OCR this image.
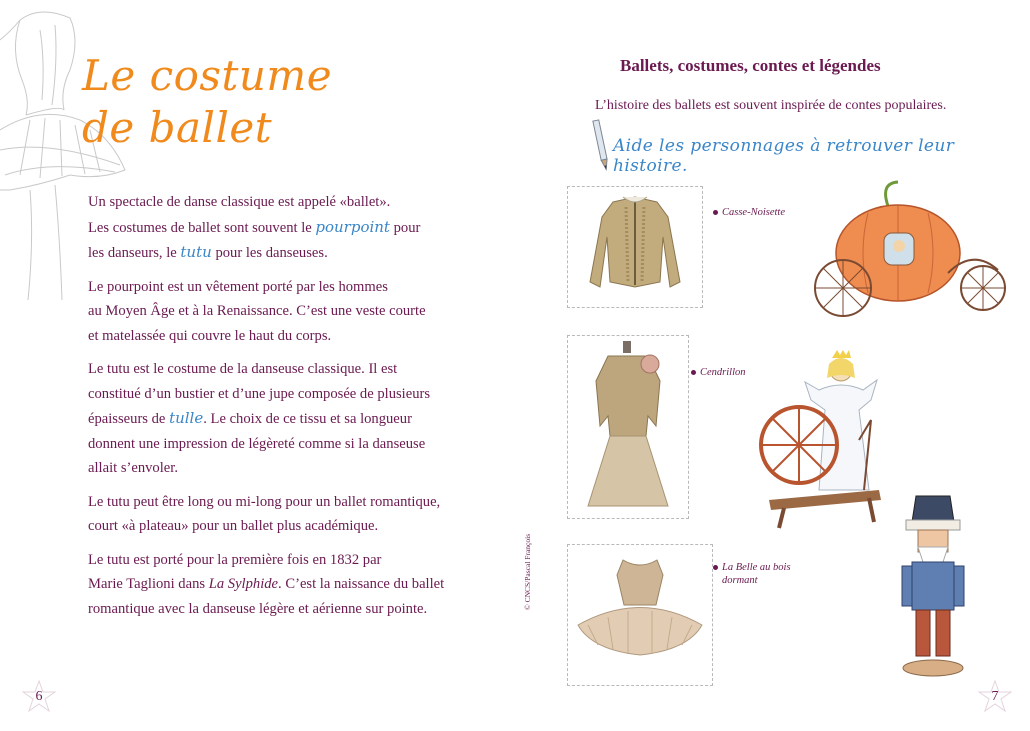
Le costume
de ballet

Un spectacle de danse classique est appelé «ballet».
Les costumes de ballet sont souvent le pourpoint pour
les danseurs, le tutu pour les danseuses.

Le pourpoint est un vêtement porté par les hommes
au Moyen Âge et à la Renaissance. C’est une veste courte
et matelassée qui couvre le haut du corps.

Le tutu est le costume de la danseuse classique. Il est
constitué d’un bustier et d’une jupe composée de plusieurs
épaisseurs de tulle. Le choix de ce tissu et sa longueur
donnent une impression de légèreté comme si la danseuse
allait s’envoler.

Le tutu peut être long ou mi-long pour un ballet romantique,
court «à plateau» pour un ballet plus académique.

Le tutu est porté pour la première fois en 1832 par
Marie Taglioni dans La Sylphide. C’est la naissance du ballet
romantique avec la danseuse légère et aérienne sur pointe.

6
Ballets, costumes, contes et légendes
L’histoire des ballets est souvent inspirée de contes populaires.
Aide les personnages à retrouver leur histoire.
Casse-Noisette
Cendrillon
La Belle au bois
dormant
© CNCS/Pascal François
7
